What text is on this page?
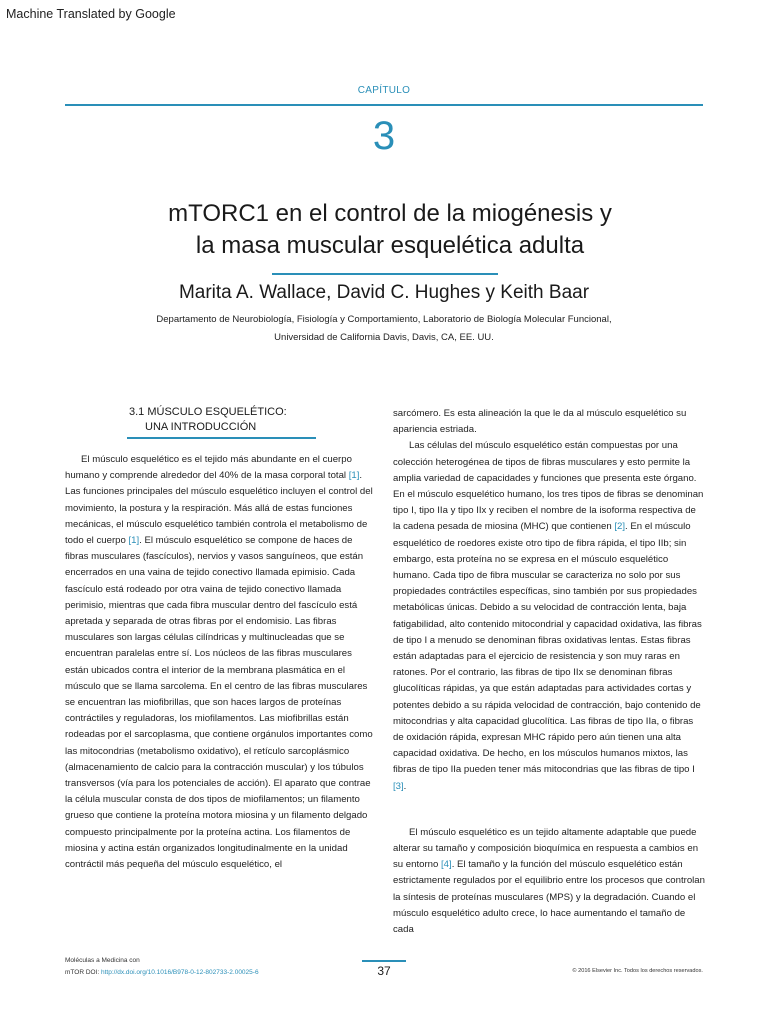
Machine Translated by Google
CAPÍTULO
3
mTORC1 en el control de la miogénesis y
la masa muscular esquelética adulta
Marita A. Wallace, David C. Hughes y Keith Baar
Departamento de Neurobiología, Fisiología y Comportamiento, Laboratorio de Biología Molecular Funcional,
Universidad de California Davis, Davis, CA, EE. UU.
3.1 MÚSCULO ESQUELÉTICO:
UNA INTRODUCCIÓN

El músculo esquelético es el tejido más abundante en el cuerpo humano y comprende alrededor del 40% de la masa corporal total [1]. Las funciones principales del músculo esquelético incluyen el control del movimiento, la postura y la respiración. Más allá de estas funciones mecánicas, el músculo esquelético también controla el metabolismo de todo el cuerpo [1]. El músculo esquelético se compone de haces de fibras musculares (fascículos), nervios y vasos sanguíneos, que están encerrados en una vaina de tejido conectivo llamada epimisio. Cada fascículo está rodeado por otra vaina de tejido conectivo llamada perimisio, mientras que cada fibra muscular dentro del fascículo está apretada y separada de otras fibras por el endomisio. Las fibras musculares son largas células cilíndricas y multinucleadas que se encuentran paralelas entre sí. Los núcleos de las fibras musculares están ubicados contra el interior de la membrana plasmática en el músculo que se llama sarcolema. En el centro de las fibras musculares se encuentran las miofibrillas, que son haces largos de proteínas contráctiles y reguladoras, los miofilamentos. Las miofibrillas están rodeadas por el sarcoplasma, que contiene orgánulos importantes como las mitocondrias (metabolismo oxidativo), el retículo sarcoplásmico (almacenamiento de calcio para la contracción muscular) y los túbulos transversos (vía para los potenciales de acción). El aparato que contrae la célula muscular consta de dos tipos de miofilamentos; un filamento grueso que contiene la proteína motora miosina y un filamento delgado compuesto principalmente por la proteína actina. Los filamentos de miosina y actina están organizados longitudinalmente en la unidad contráctil más pequeña del músculo esquelético, el

sarcómero. Es esta alineación la que le da al músculo esquelético su apariencia estriada.

Las células del músculo esquelético están compuestas por una colección heterogénea de tipos de fibras musculares y esto permite la amplia variedad de capacidades y funciones que presenta este órgano. En el músculo esquelético humano, los tres tipos de fibras se denominan tipo I, tipo IIa y tipo IIx y reciben el nombre de la isoforma respectiva de la cadena pesada de miosina (MHC) que contienen [2]. En el músculo esquelético de roedores existe otro tipo de fibra rápida, el tipo IIb; sin embargo, esta proteína no se expresa en el músculo esquelético humano. Cada tipo de fibra muscular se caracteriza no solo por sus propiedades contráctiles específicas, sino también por sus propiedades metabólicas únicas. Debido a su velocidad de contracción lenta, baja fatigabilidad, alto contenido mitocondrial y capacidad oxidativa, las fibras de tipo I a menudo se denominan fibras oxidativas lentas. Estas fibras están adaptadas para el ejercicio de resistencia y son muy raras en ratones. Por el contrario, las fibras de tipo IIx se denominan fibras glucolíticas rápidas, ya que están adaptadas para actividades cortas y potentes debido a su rápida velocidad de contracción, bajo contenido de mitocondrias y alta capacidad glucolítica. Las fibras de tipo IIa, o fibras de oxidación rápida, expresan MHC rápido pero aún tienen una alta capacidad oxidativa. De hecho, en los músculos humanos mixtos, las fibras de tipo IIa pueden tener más mitocondrias que las fibras de tipo I [3].

El músculo esquelético es un tejido altamente adaptable que puede alterar su tamaño y composición bioquímica en respuesta a cambios en su entorno [4]. El tamaño y la función del músculo esquelético están estrictamente regulados por el equilibrio entre los procesos que controlan la síntesis de proteínas musculares (MPS) y la degradación. Cuando el músculo esquelético adulto crece, lo hace aumentando el tamaño de cada

Moléculas a Medicina con
mTOR DOI: http://dx.doi.org/10.1016/B978-0-12-802733-2.00025-6	37	© 2016 Elsevier Inc. Todos los derechos reservados.
